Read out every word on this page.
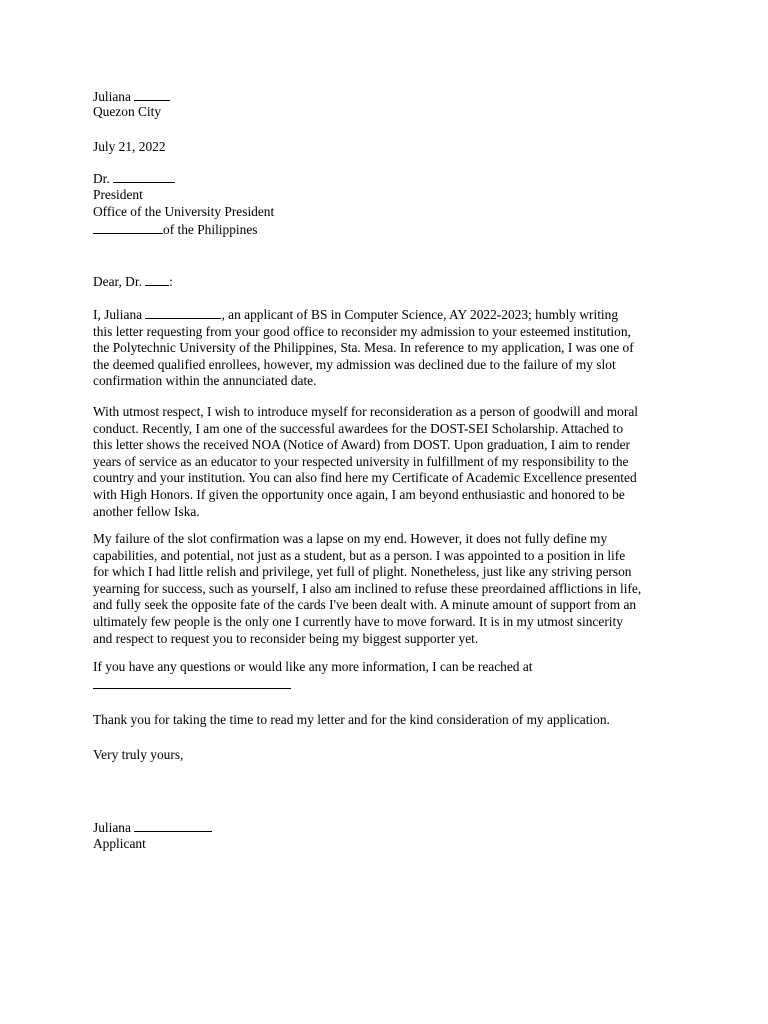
Juliana
Quezon City
July 21, 2022
Dr.
President
Office of the University President
of the Philippines
Dear, Dr. :
I, Juliana	, an applicant of BS in Computer Science, AY 2022-2023; humbly writing
this letter requesting from your good office to reconsider my admission to your esteemed institution,
the Polytechnic University of the Philippines, Sta. Mesa. In reference to my application, I was one of
the deemed qualified enrollees, however, my admission was declined due to the failure of my slot
confirmation within the annunciated date.
With utmost respect, I wish to introduce myself for reconsideration as a person of goodwill and moral
conduct. Recently, I am one of the successful awardees for the DOST-SEI Scholarship. Attached to
this letter shows the received NOA (Notice of Award) from DOST. Upon graduation, I aim to render
years of service as an educator to your respected university in fulfillment of my responsibility to the
country and your institution. You can also find here my Certificate of Academic Excellence presented
with High Honors. If given the opportunity once again, I am beyond enthusiastic and honored to be
another fellow Iska.
My failure of the slot confirmation was a lapse on my end. However, it does not fully define my
capabilities, and potential, not just as a student, but as a person. I was appointed to a position in life
for which I had little relish and privilege, yet full of plight. Nonetheless, just like any striving person
yearning for success, such as yourself, I also am inclined to refuse these preordained afflictions in life,
and fully seek the opposite fate of the cards I've been dealt with. A minute amount of support from an
ultimately few people is the only one I currently have to move forward. It is in my utmost sincerity
and respect to request you to reconsider being my biggest supporter yet.
If you have any questions or would like any more information, I can be reached at
Thank you for taking the time to read my letter and for the kind consideration of my application.
Very truly yours,
Juliana
Applicant
